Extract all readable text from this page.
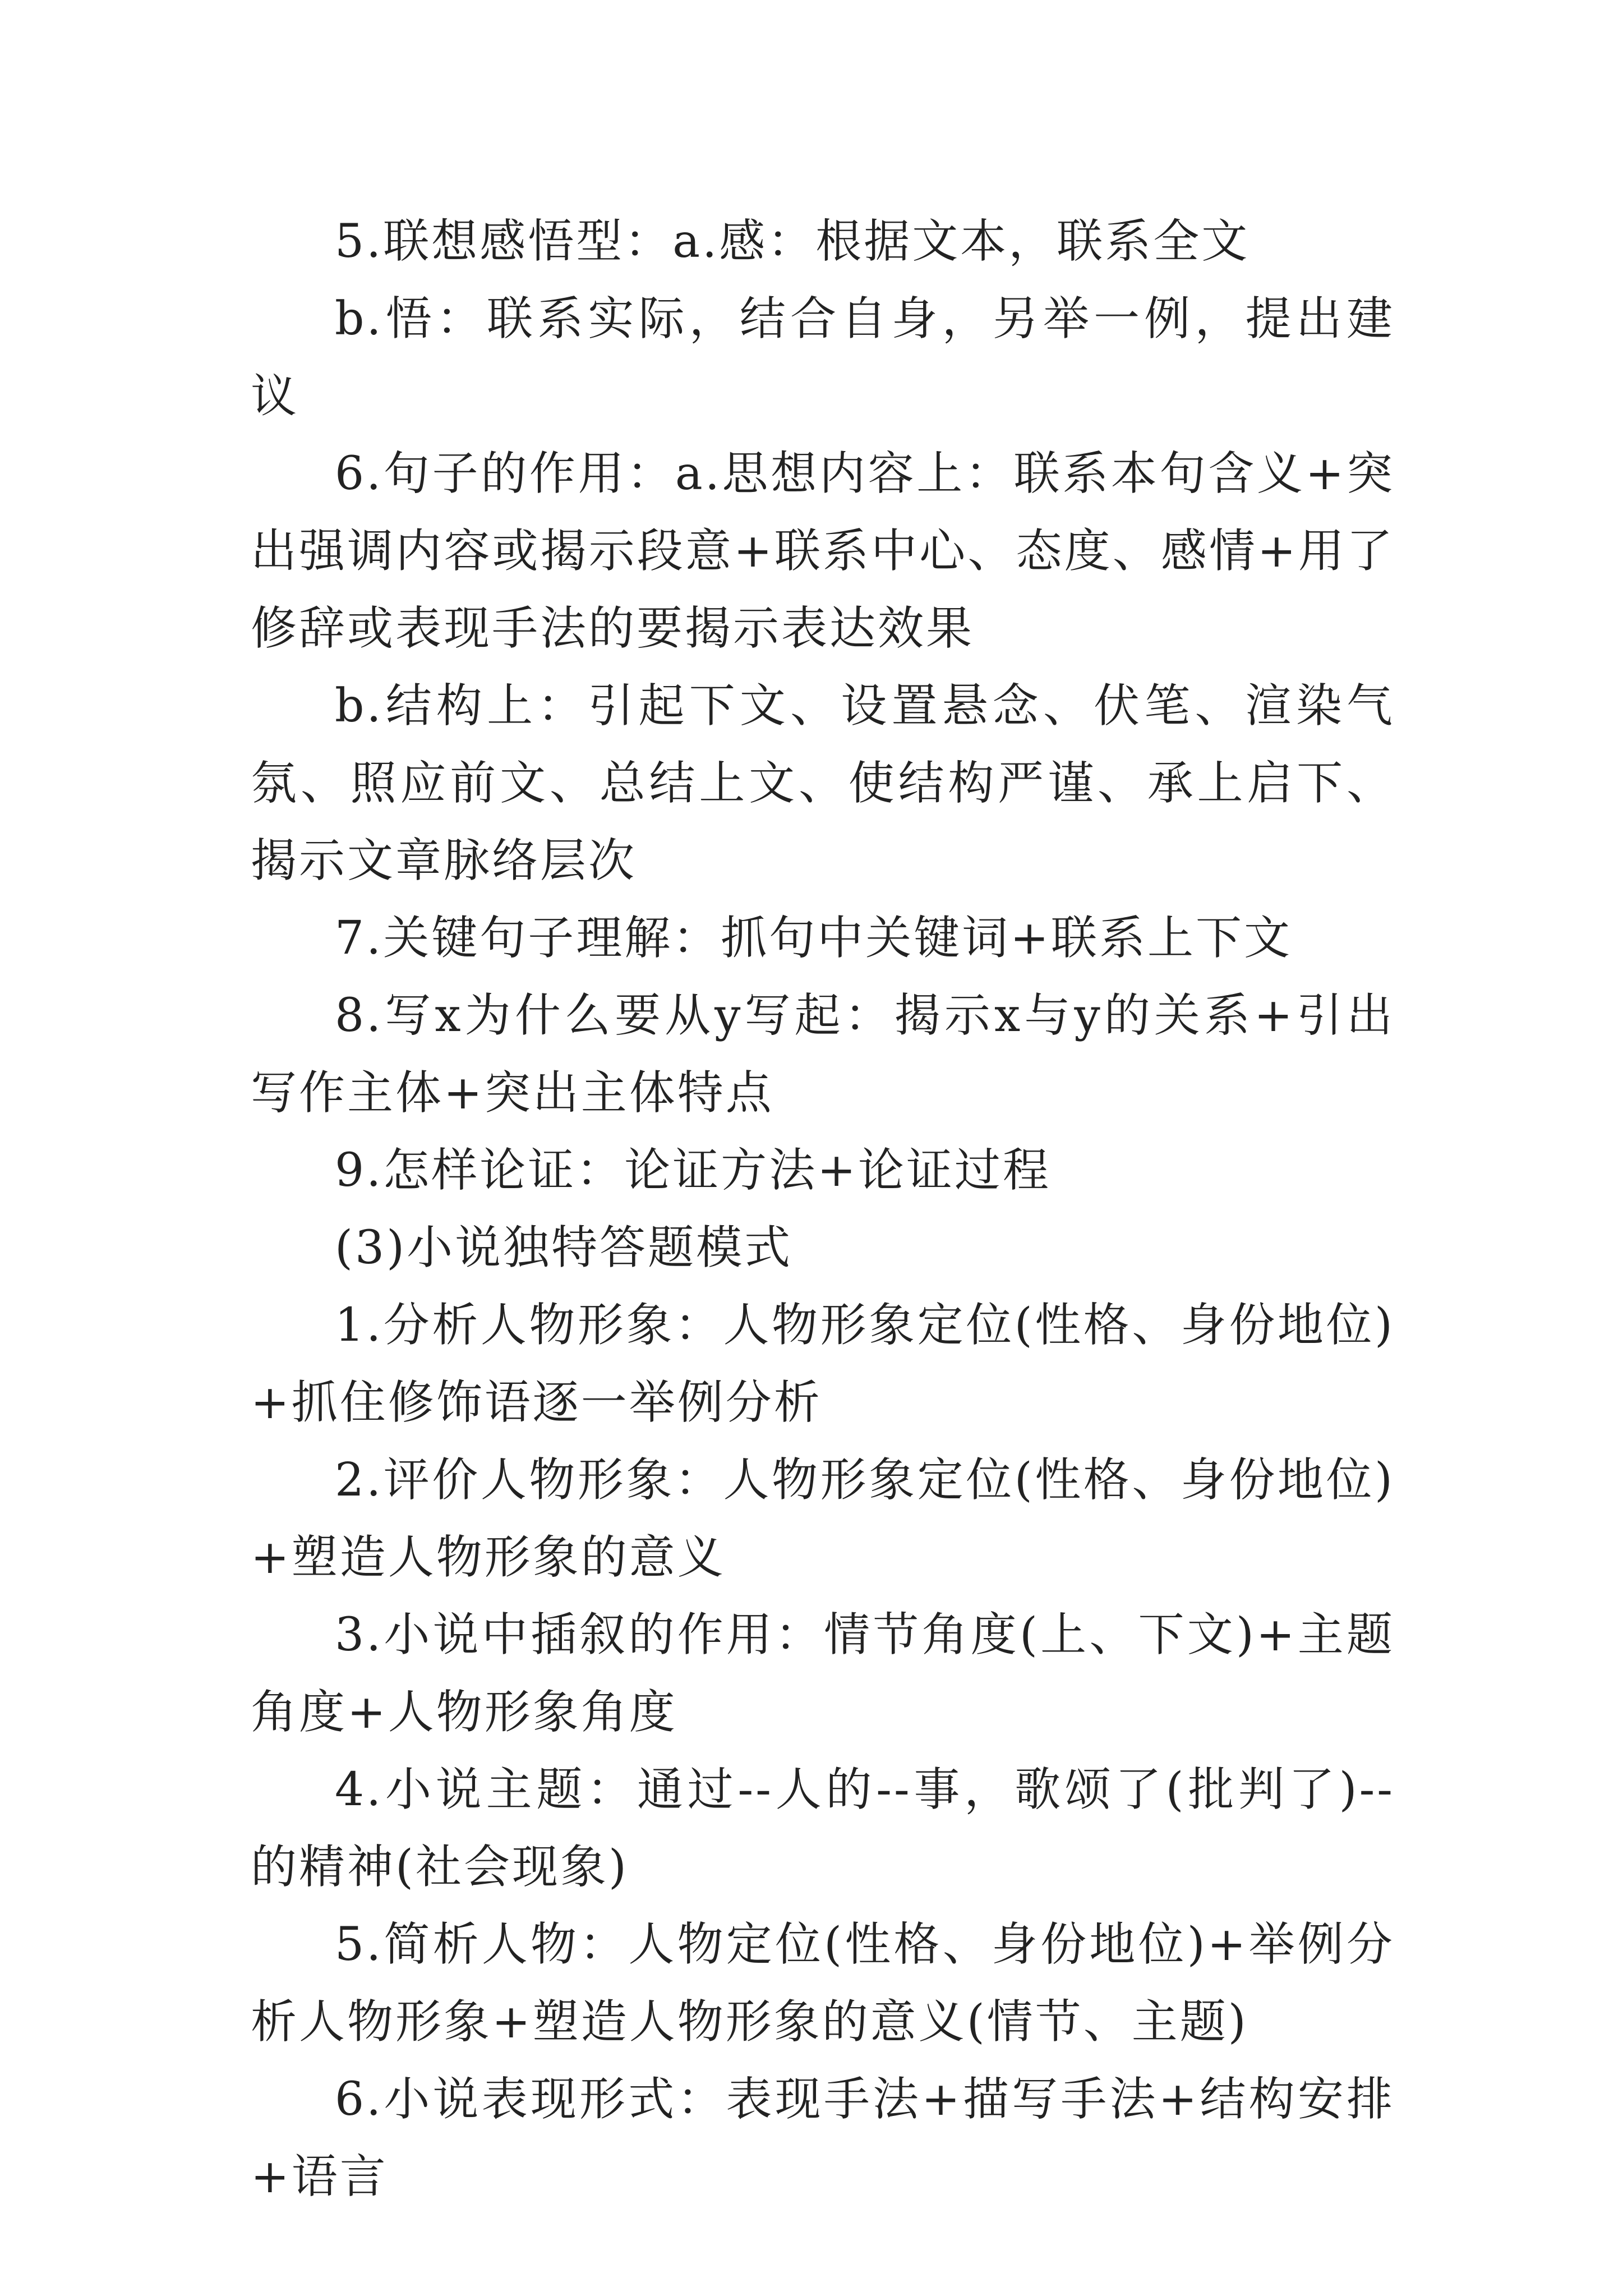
5.联想感悟型：a.感：根据文本，联系全文

b.悟：联系实际，结合自身，另举一例，提出建议

6.句子的作用：a.思想内容上：联系本句含义+突出强调内容或揭示段意+联系中心、态度、感情+用了修辞或表现手法的要揭示表达效果

b.结构上：引起下文、设置悬念、伏笔、渲染气氛、照应前文、总结上文、使结构严谨、承上启下、揭示文章脉络层次

7.关键句子理解：抓句中关键词+联系上下文

8.写x为什么要从y写起：揭示x与y的关系+引出写作主体+突出主体特点

9.怎样论证：论证方法+论证过程

(3)小说独特答题模式

1.分析人物形象：人物形象定位(性格、身份地位)+抓住修饰语逐一举例分析

2.评价人物形象：人物形象定位(性格、身份地位)+塑造人物形象的意义

3.小说中插叙的作用：情节角度(上、下文)+主题角度+人物形象角度

4.小说主题：通过--人的--事，歌颂了(批判了)--的精神(社会现象)

5.简析人物：人物定位(性格、身份地位)+举例分析人物形象+塑造人物形象的意义(情节、主题)

6.小说表现形式：表现手法+描写手法+结构安排+语言
